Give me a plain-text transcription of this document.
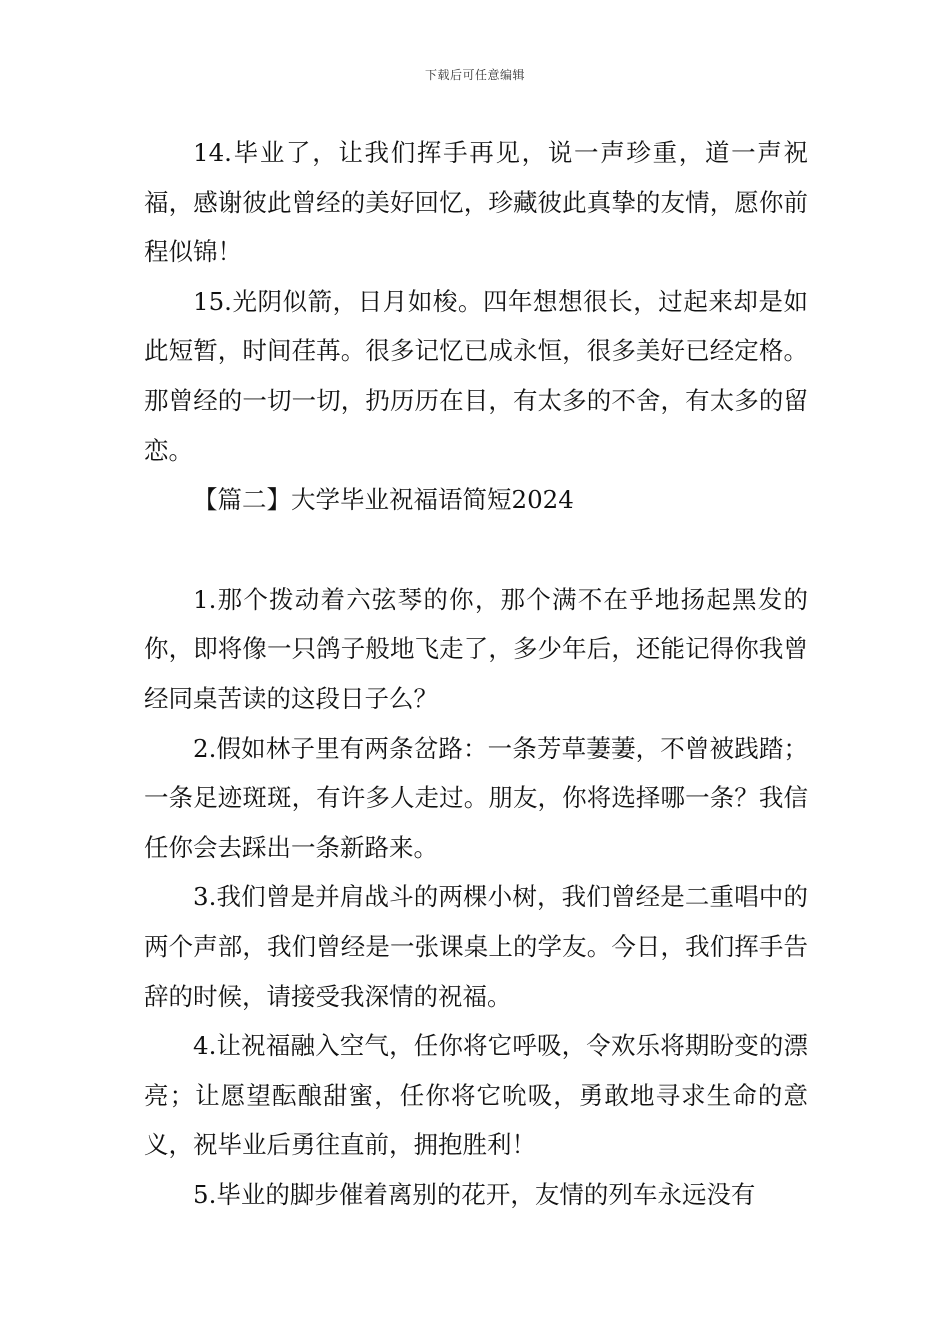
下载后可任意编辑

14.毕业了，让我们挥手再见，说一声珍重，道一声祝福，感谢彼此曾经的美好回忆，珍藏彼此真挚的友情，愿你前程似锦！

15.光阴似箭，日月如梭。四年想想很长，过起来却是如此短暂，时间荏苒。很多记忆已成永恒，很多美好已经定格。那曾经的一切一切，扔历历在目，有太多的不舍，有太多的留恋。

【篇二】大学毕业祝福语简短2024

1.那个拨动着六弦琴的你，那个满不在乎地扬起黑发的你，即将像一只鸽子般地飞走了，多少年后，还能记得你我曾经同桌苦读的这段日子么？

2.假如林子里有两条岔路：一条芳草萋萋，不曾被践踏；一条足迹斑斑，有许多人走过。朋友，你将选择哪一条？我信任你会去踩出一条新路来。

3.我们曾是并肩战斗的两棵小树，我们曾经是二重唱中的两个声部，我们曾经是一张课桌上的学友。今日，我们挥手告辞的时候，请接受我深情的祝福。

4.让祝福融入空气，任你将它呼吸，令欢乐将期盼变的漂亮；让愿望酝酿甜蜜，任你将它吮吸，勇敢地寻求生命的意义，祝毕业后勇往直前，拥抱胜利！

5.毕业的脚步催着离别的花开，友情的列车永远没有
